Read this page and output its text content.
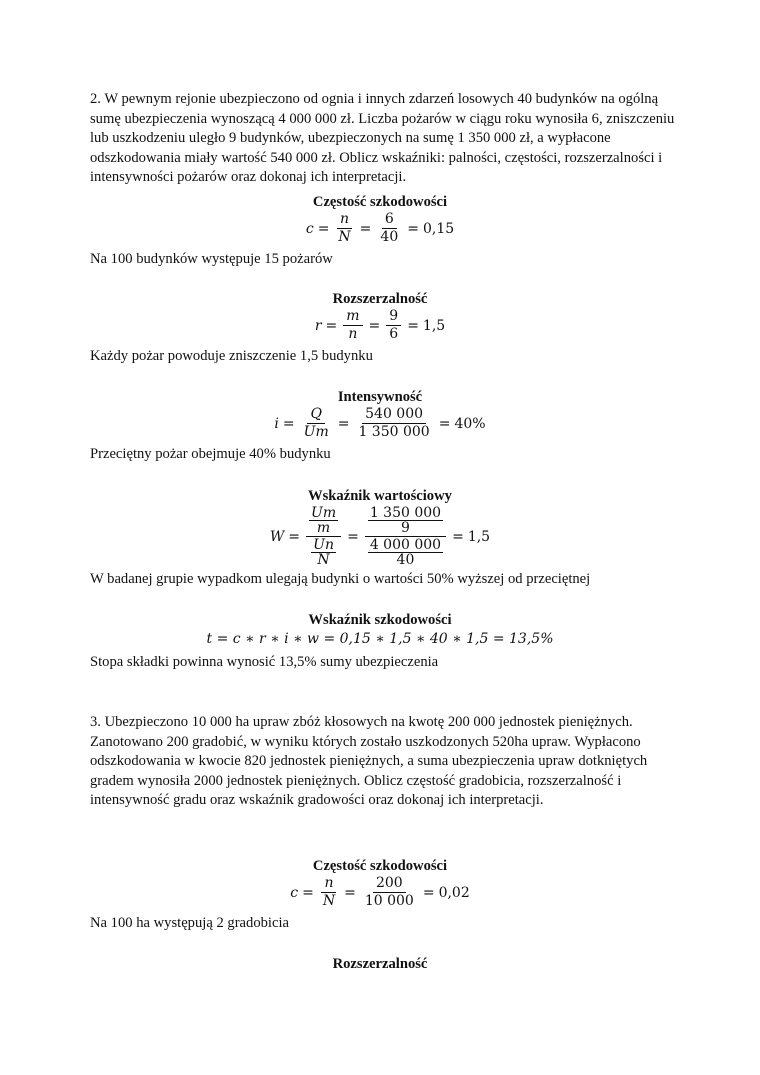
2. W pewnym rejonie ubezpieczono od ognia i innych zdarzeń losowych 40 budynków na ogólną sumę ubezpieczenia wynoszącą 4 000 000 zł. Liczba pożarów w ciągu roku wynosiła 6, zniszczeniu lub uszkodzeniu uległo 9 budynków, ubezpieczonych na sumę 1 350 000 zł, a wypłacone odszkodowania miały wartość 540 000 zł. Oblicz wskaźniki: palności, częstości, rozszerzalności i intensywności pożarów oraz dokonaj ich interpretacji.

Częstość szkodowości
$c = \frac{n}{N} = \frac{6}{40} = 0,15$
Na 100 budynków występuje 15 pożarów
Rozszerzalność
$r = \frac{m}{n} = \frac{9}{6} = 1,5$
Każdy pożar powoduje zniszczenie 1,5 budynku
Intensywność
$i = \frac{Q}{Um} = \frac{540 000}{1 350 000} = 40\%$
Przeciętny pożar obejmuje 40% budynku
Wskaźnik wartościowy
$W = \frac{\frac{Um}{m}}{\frac{Un}{N}} = \frac{\frac{1 350 000}{9}}{\frac{4 000 000}{40}} = 1,5$
W badanej grupie wypadkom ulegają budynki o wartości 50% wyższej od przeciętnej
Wskaźnik szkodowości
t = c ∗ r ∗ i ∗ w = 0,15 ∗ 1,5 ∗ 40 ∗ 1,5 = 13,5%
Stopa składki powinna wynosić 13,5% sumy ubezpieczenia

3. Ubezpieczono 10 000 ha upraw zbóż kłosowych na kwotę 200 000 jednostek pieniężnych. Zanotowano 200 gradobić, w wyniku których zostało uszkodzonych 520ha upraw. Wypłacono odszkodowania w kwocie 820 jednostek pieniężnych, a suma ubezpieczenia upraw dotkniętych gradem wynosiła 2000 jednostek pieniężnych. Oblicz częstość gradobicia, rozszerzalność i intensywność gradu oraz wskaźnik gradowości oraz dokonaj ich interpretacji.

Częstość szkodowości
$c = \frac{n}{N} = \frac{200}{10 000} = 0,02$
Na 100 ha występują 2 gradobicia
Rozszerzalność
